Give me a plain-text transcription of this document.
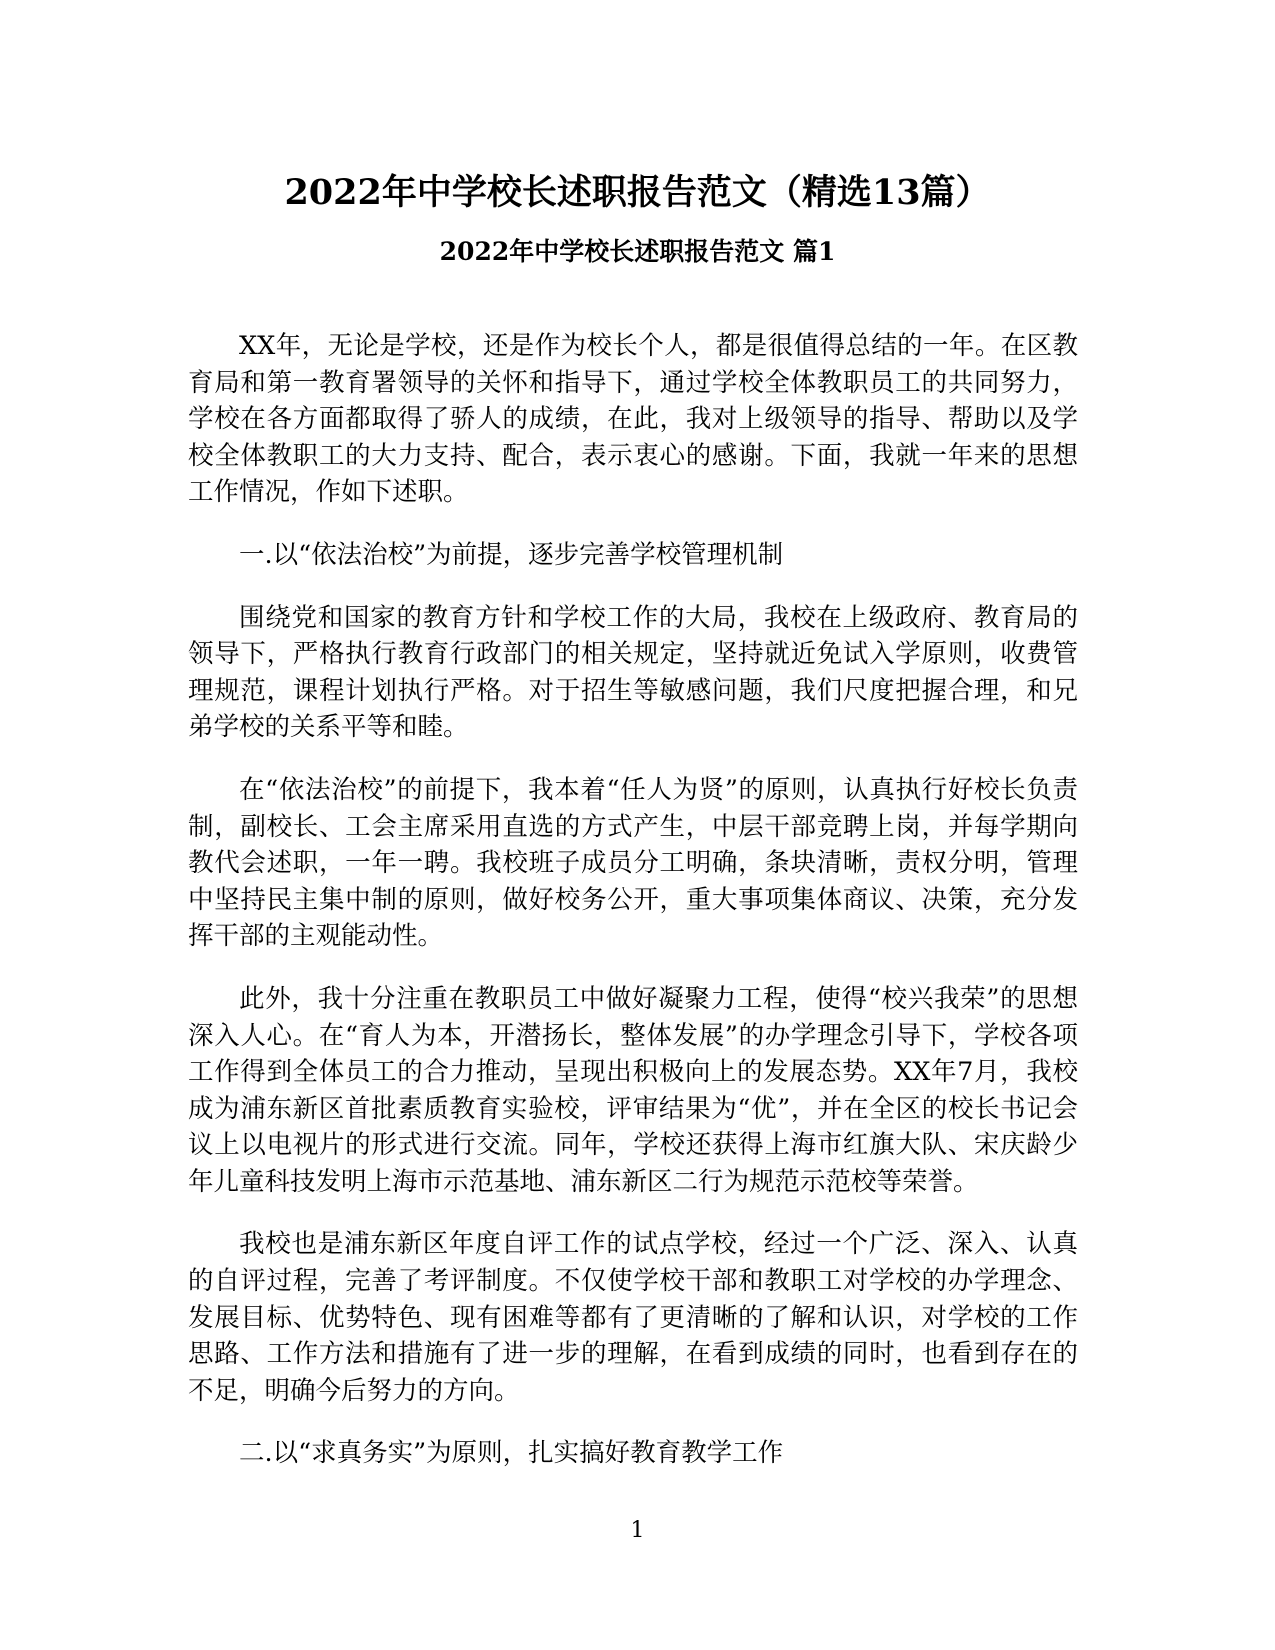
2022年中学校长述职报告范文（精选13篇）
2022年中学校长述职报告范文 篇1

XX年，无论是学校，还是作为校长个人，都是很值得总结的一年。在区教育局和第一教育署领导的关怀和指导下，通过学校全体教职员工的共同努力，学校在各方面都取得了骄人的成绩，在此，我对上级领导的指导、帮助以及学校全体教职工的大力支持、配合，表示衷心的感谢。下面，我就一年来的思想工作情况，作如下述职。

一.以“依法治校”为前提，逐步完善学校管理机制

围绕党和国家的教育方针和学校工作的大局，我校在上级政府、教育局的领导下，严格执行教育行政部门的相关规定，坚持就近免试入学原则，收费管理规范，课程计划执行严格。对于招生等敏感问题，我们尺度把握合理，和兄弟学校的关系平等和睦。

在“依法治校”的前提下，我本着“任人为贤”的原则，认真执行好校长负责制，副校长、工会主席采用直选的方式产生，中层干部竞聘上岗，并每学期向教代会述职，一年一聘。我校班子成员分工明确，条块清晰，责权分明，管理中坚持民主集中制的原则，做好校务公开，重大事项集体商议、决策，充分发挥干部的主观能动性。

此外，我十分注重在教职员工中做好凝聚力工程，使得“校兴我荣”的思想深入人心。在“育人为本，开潜扬长，整体发展”的办学理念引导下，学校各项工作得到全体员工的合力推动，呈现出积极向上的发展态势。XX年7月，我校成为浦东新区首批素质教育实验校，评审结果为“优”，并在全区的校长书记会议上以电视片的形式进行交流。同年，学校还获得上海市红旗大队、宋庆龄少年儿童科技发明上海市示范基地、浦东新区二行为规范示范校等荣誉。

我校也是浦东新区年度自评工作的试点学校，经过一个广泛、深入、认真的自评过程，完善了考评制度。不仅使学校干部和教职工对学校的办学理念、发展目标、优势特色、现有困难等都有了更清晰的了解和认识，对学校的工作思路、工作方法和措施有了进一步的理解，在看到成绩的同时，也看到存在的不足，明确今后努力的方向。

二.以“求真务实”为原则，扎实搞好教育教学工作

1
